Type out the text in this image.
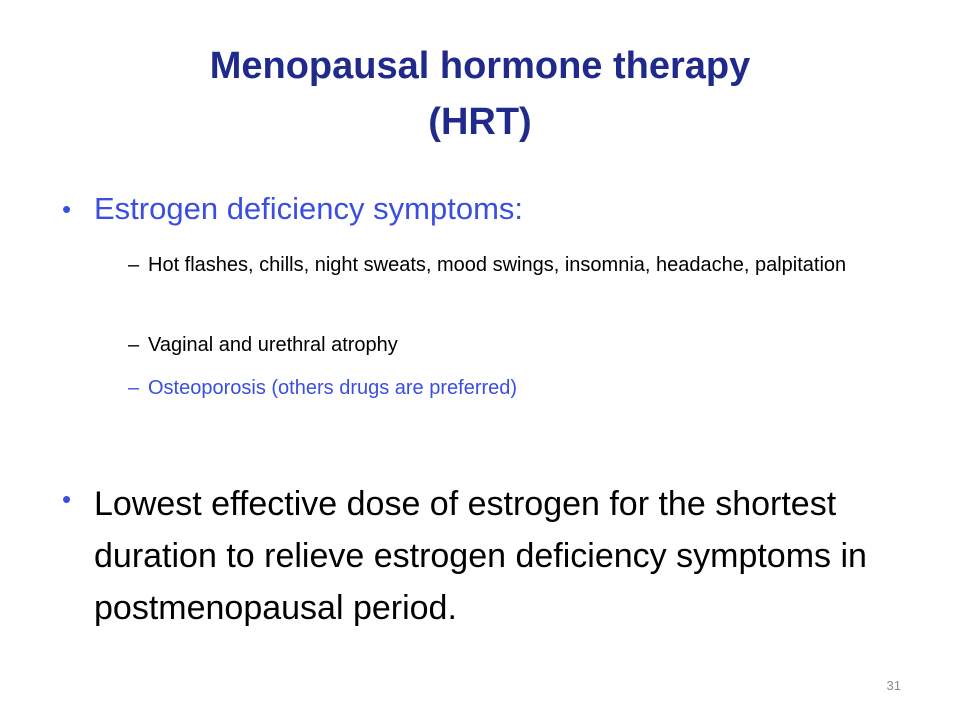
Menopausal hormone therapy
(HRT)
• Estrogen deficiency symptoms:
– Hot flashes, chills, night sweats, mood swings, insomnia, headache, palpitation
– Vaginal and urethral atrophy
– Osteoporosis (others drugs are preferred)
• Lowest effective dose of estrogen for the shortest duration to relieve estrogen deficiency symptoms in postmenopausal period.
31
